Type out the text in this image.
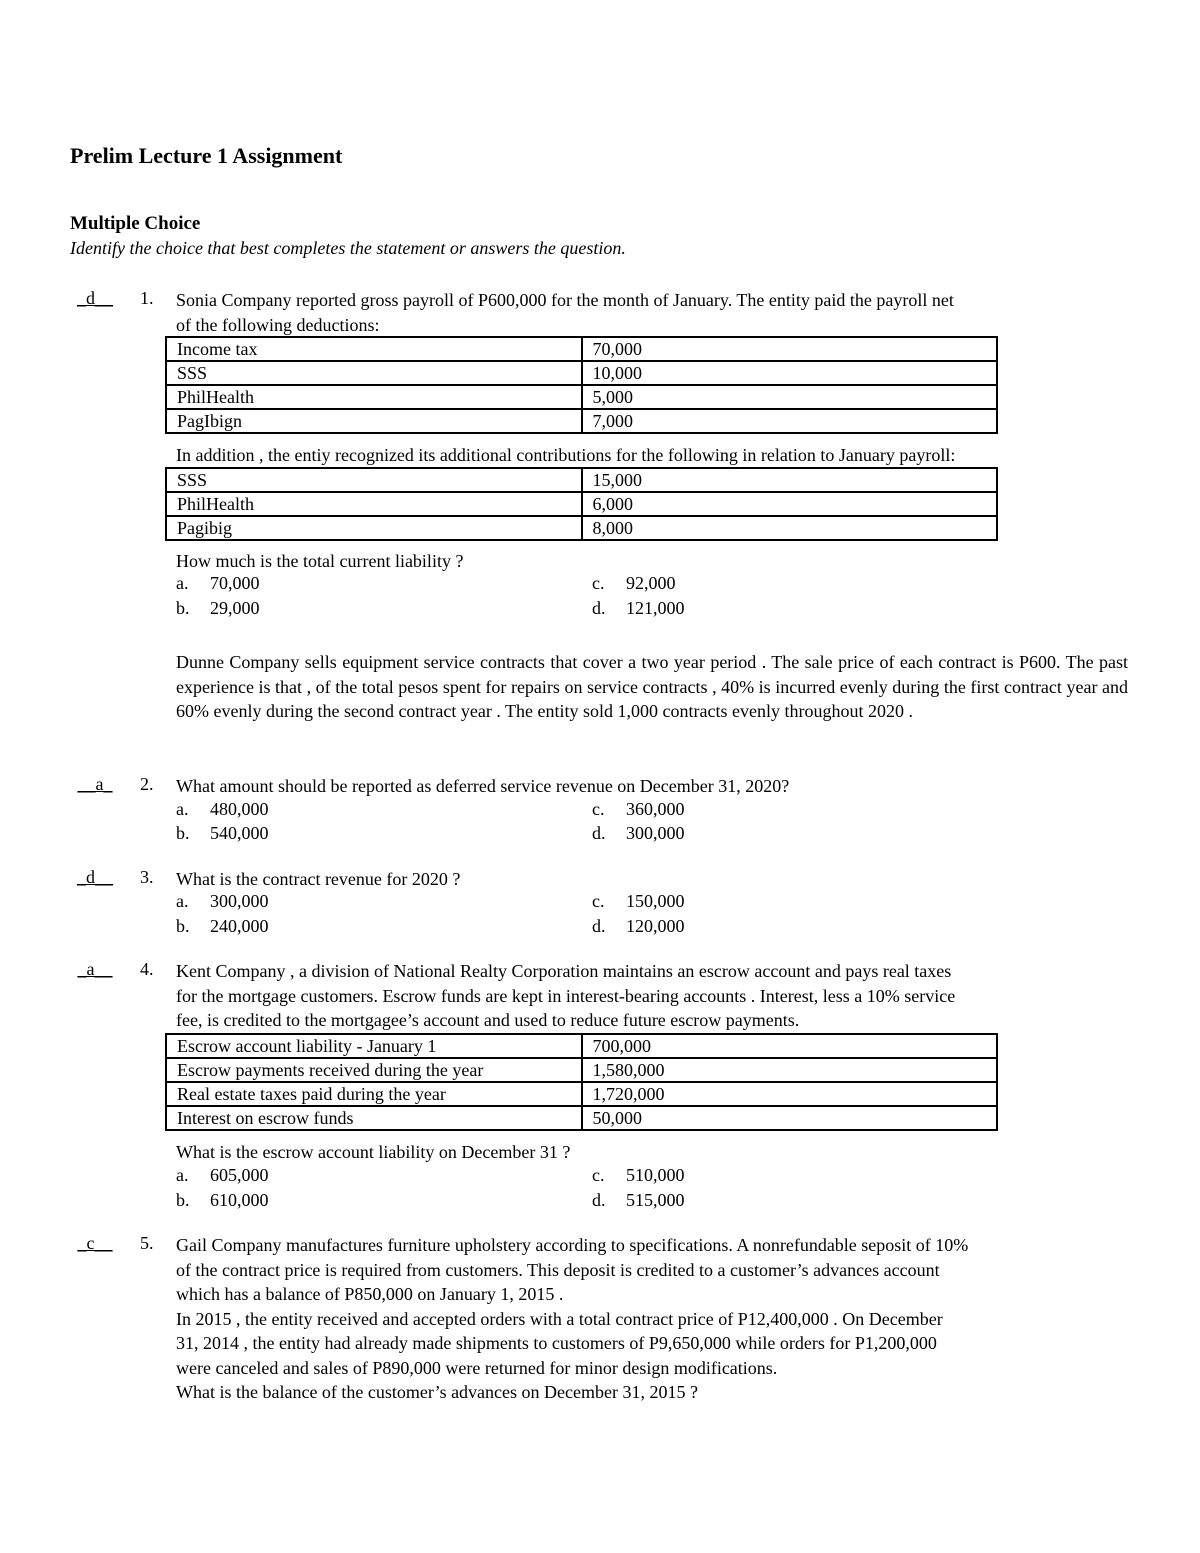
Prelim Lecture 1 Assignment
Multiple Choice
Identify the choice that best completes the statement or answers the question.
_d__	1. Sonia Company reported gross payroll of P600,000 for the month of January. The entity paid the payroll net
of the following deductions:
Income tax	70,000
SSS	10,000
PhilHealth	5,000
PagIbign	7,000
In addition , the entiy recognized its additional contributions for the following in relation to January payroll:
SSS	15,000
PhilHealth	6,000
Pagibig	8,000
How much is the total current liability ?
a. 70,000	c. 92,000
b. 29,000	d. 121,000
Dunne Company sells equipment service contracts that cover a two year period . The sale price of each contract is P600. The past experience is that , of the total pesos spent for repairs on service contracts , 40% is incurred evenly during the first contract year and 60% evenly during the second contract year . The entity sold 1,000 contracts evenly throughout 2020 .
__a_	2. What amount should be reported as deferred service revenue on December 31, 2020?
a. 480,000	c. 360,000
b. 540,000	d. 300,000
_d__	3. What is the contract revenue for 2020 ?
a. 300,000	c. 150,000
b. 240,000	d. 120,000
_a__	4. Kent Company , a division of National Realty Corporation maintains an escrow account and pays real taxes
for the mortgage customers. Escrow funds are kept in interest-bearing accounts . Interest, less a 10% service
fee, is credited to the mortgagee’s account and used to reduce future escrow payments.
Escrow account liability - January 1	700,000
Escrow payments received during the year	1,580,000
Real estate taxes paid during the year	1,720,000
Interest on escrow funds	50,000
What is the escrow account liability on December 31 ?
a. 605,000	c. 510,000
b. 610,000	d. 515,000
_c__	5. Gail Company manufactures furniture upholstery according to specifications. A nonrefundable seposit of 10%
of the contract price is required from customers. This deposit is credited to a customer’s advances account
which has a balance of P850,000 on January 1, 2015 .
In 2015 , the entity received and accepted orders with a total contract price of P12,400,000 . On December
31, 2014 , the entity had already made shipments to customers of P9,650,000 while orders for P1,200,000
were canceled and sales of P890,000 were returned for minor design modifications.
What is the balance of the customer’s advances on December 31, 2015 ?
